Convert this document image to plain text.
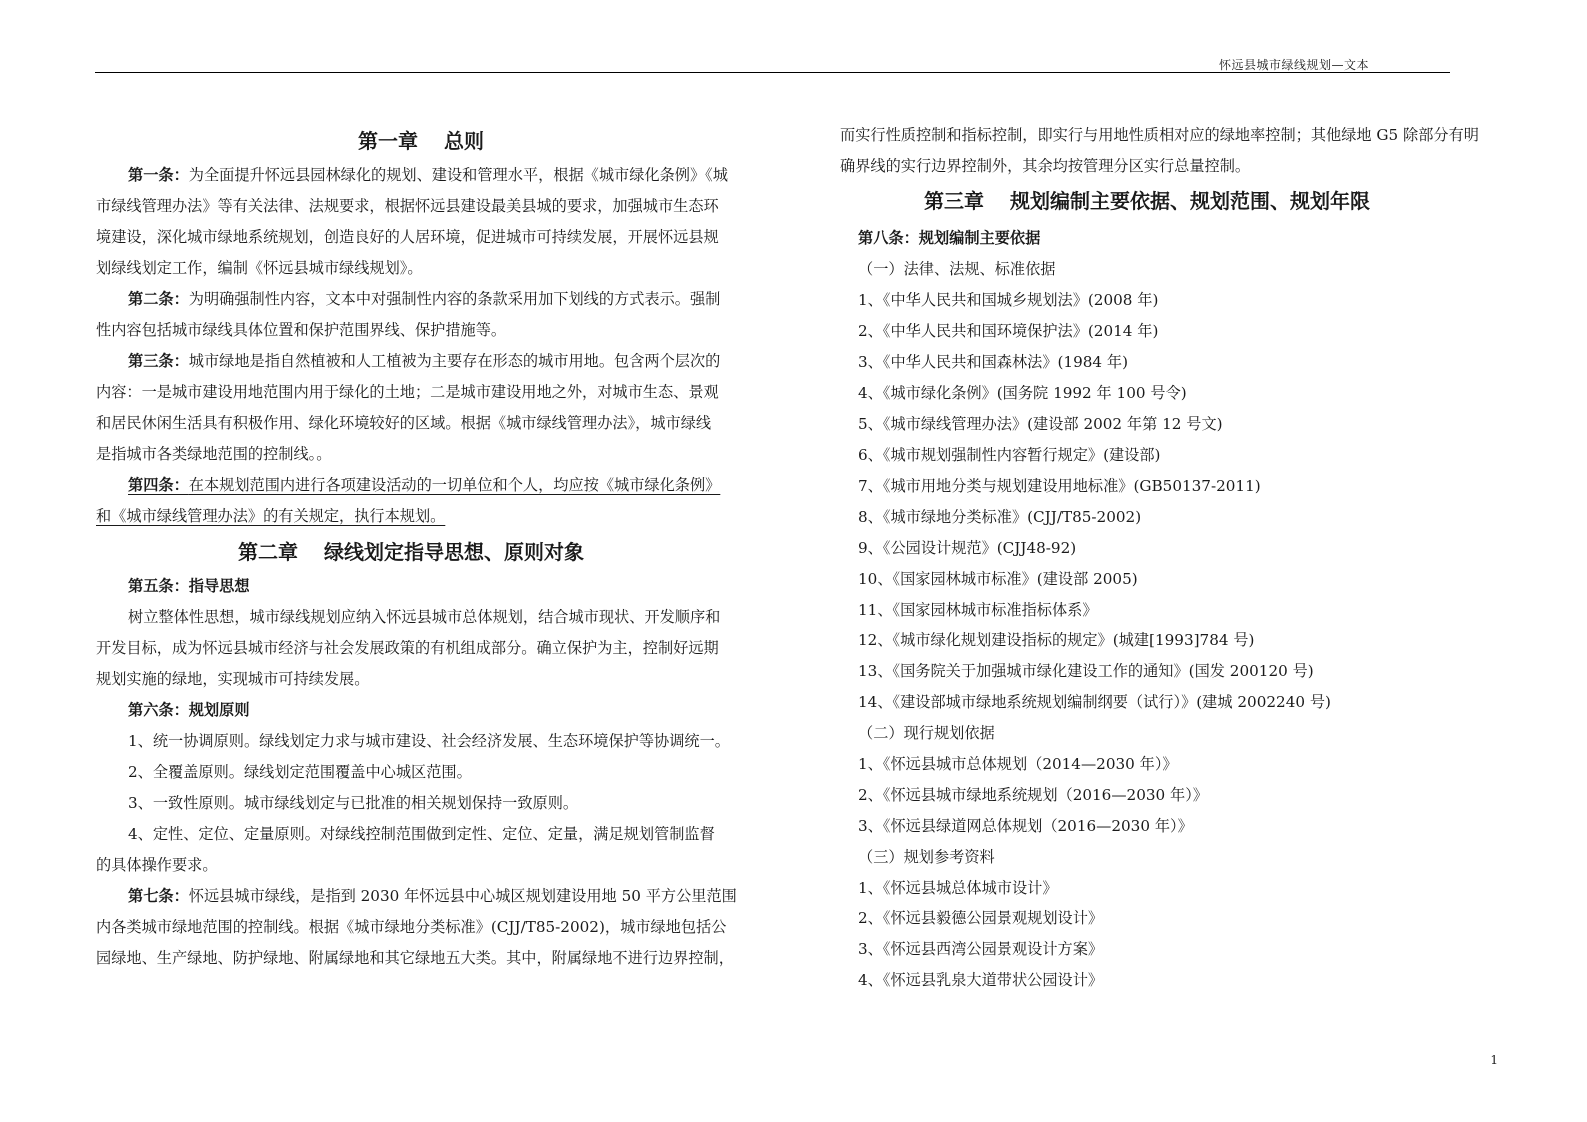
怀远县城市绿线规划—文本
第一章 总则
第一条：为全面提升怀远县园林绿化的规划、建设和管理水平，根据《城市绿化条例》《城
市绿线管理办法》等有关法律、法规要求，根据怀远县建设最美县城的要求，加强城市生态环
境建设，深化城市绿地系统规划，创造良好的人居环境，促进城市可持续发展，开展怀远县规
划绿线划定工作，编制《怀远县城市绿线规划》。
第二条：为明确强制性内容，文本中对强制性内容的条款采用加下划线的方式表示。强制
性内容包括城市绿线具体位置和保护范围界线、保护措施等。
第三条：城市绿地是指自然植被和人工植被为主要存在形态的城市用地。包含两个层次的
内容：一是城市建设用地范围内用于绿化的土地；二是城市建设用地之外，对城市生态、景观
和居民休闲生活具有积极作用、绿化环境较好的区域。根据《城市绿线管理办法》，城市绿线
是指城市各类绿地范围的控制线。。
第四条：在本规划范围内进行各项建设活动的一切单位和个人，均应按《城市绿化条例》
和《城市绿线管理办法》的有关规定，执行本规划。
第二章 绿线划定指导思想、原则对象
第五条：指导思想
树立整体性思想，城市绿线规划应纳入怀远县城市总体规划，结合城市现状、开发顺序和
开发目标，成为怀远县城市经济与社会发展政策的有机组成部分。确立保护为主，控制好远期
规划实施的绿地，实现城市可持续发展。
第六条：规划原则
1、统一协调原则。绿线划定力求与城市建设、社会经济发展、生态环境保护等协调统一。
2、全覆盖原则。绿线划定范围覆盖中心城区范围。
3、一致性原则。城市绿线划定与已批准的相关规划保持一致原则。
4、定性、定位、定量原则。对绿线控制范围做到定性、定位、定量，满足规划管制监督
的具体操作要求。
第七条：怀远县城市绿线，是指到 2030 年怀远县中心城区规划建设用地 50 平方公里范围
内各类城市绿地范围的控制线。根据《城市绿地分类标准》(CJJ/T85-2002)，城市绿地包括公
园绿地、生产绿地、防护绿地、附属绿地和其它绿地五大类。其中，附属绿地不进行边界控制，
而实行性质控制和指标控制，即实行与用地性质相对应的绿地率控制；其他绿地 G5 除部分有明
确界线的实行边界控制外，其余均按管理分区实行总量控制。
第三章 规划编制主要依据、规划范围、规划年限
第八条：规划编制主要依据
（一）法律、法规、标准依据
1、《中华人民共和国城乡规划法》(2008 年)
2、《中华人民共和国环境保护法》(2014 年)
3、《中华人民共和国森林法》(1984 年)
4、《城市绿化条例》(国务院 1992 年 100 号令)
5、《城市绿线管理办法》(建设部 2002 年第 12 号文)
6、《城市规划强制性内容暂行规定》(建设部)
7、《城市用地分类与规划建设用地标准》(GB50137-2011)
8、《城市绿地分类标准》(CJJ/T85-2002)
9、《公园设计规范》(CJJ48-92)
10、《国家园林城市标准》(建设部 2005)
11、《国家园林城市标准指标体系》
12、《城市绿化规划建设指标的规定》(城建[1993]784 号)
13、《国务院关于加强城市绿化建设工作的通知》(国发 200120 号)
14、《建设部城市绿地系统规划编制纲要（试行）》(建城 2002240 号)
（二）现行规划依据
1、《怀远县城市总体规划（2014—2030 年）》
2、《怀远县城市绿地系统规划（2016—2030 年）》
3、《怀远县绿道网总体规划（2016—2030 年）》
（三）规划参考资料
1、《怀远县城总体城市设计》
2、《怀远县毅德公园景观规划设计》
3、《怀远县西湾公园景观设计方案》
4、《怀远县乳泉大道带状公园设计》
1
